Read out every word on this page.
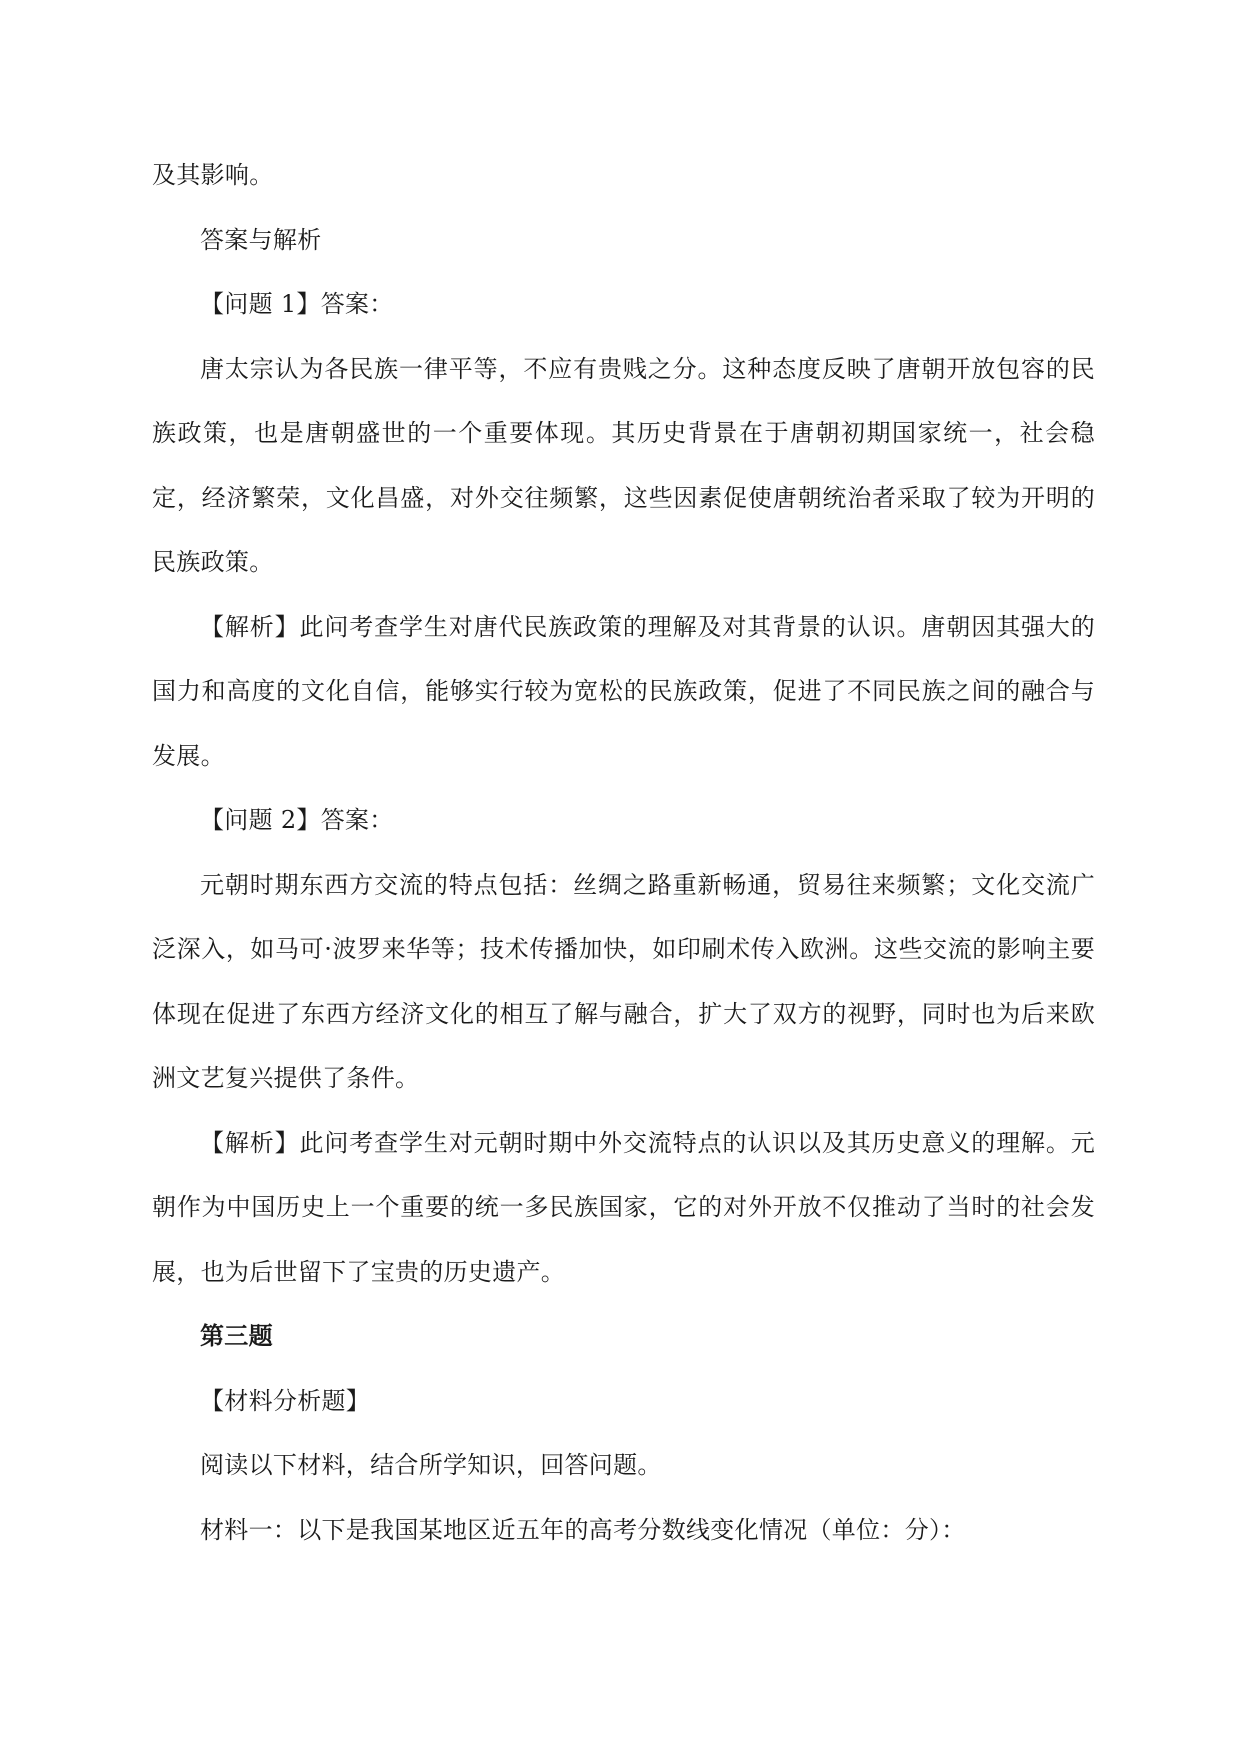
及其影响。

答案与解析

【问题 1】答案：

唐太宗认为各民族一律平等，不应有贵贱之分。这种态度反映了唐朝开放包容的民族政策，也是唐朝盛世的一个重要体现。其历史背景在于唐朝初期国家统一，社会稳定，经济繁荣，文化昌盛，对外交往频繁，这些因素促使唐朝统治者采取了较为开明的民族政策。

【解析】此问考查学生对唐代民族政策的理解及对其背景的认识。唐朝因其强大的国力和高度的文化自信，能够实行较为宽松的民族政策，促进了不同民族之间的融合与发展。

【问题 2】答案：

元朝时期东西方交流的特点包括：丝绸之路重新畅通，贸易往来频繁；文化交流广泛深入，如马可·波罗来华等；技术传播加快，如印刷术传入欧洲。这些交流的影响主要体现在促进了东西方经济文化的相互了解与融合，扩大了双方的视野，同时也为后来欧洲文艺复兴提供了条件。

【解析】此问考查学生对元朝时期中外交流特点的认识以及其历史意义的理解。元朝作为中国历史上一个重要的统一多民族国家，它的对外开放不仅推动了当时的社会发展，也为后世留下了宝贵的历史遗产。

第三题

【材料分析题】

阅读以下材料，结合所学知识，回答问题。

材料一：以下是我国某地区近五年的高考分数线变化情况（单位：分）：
